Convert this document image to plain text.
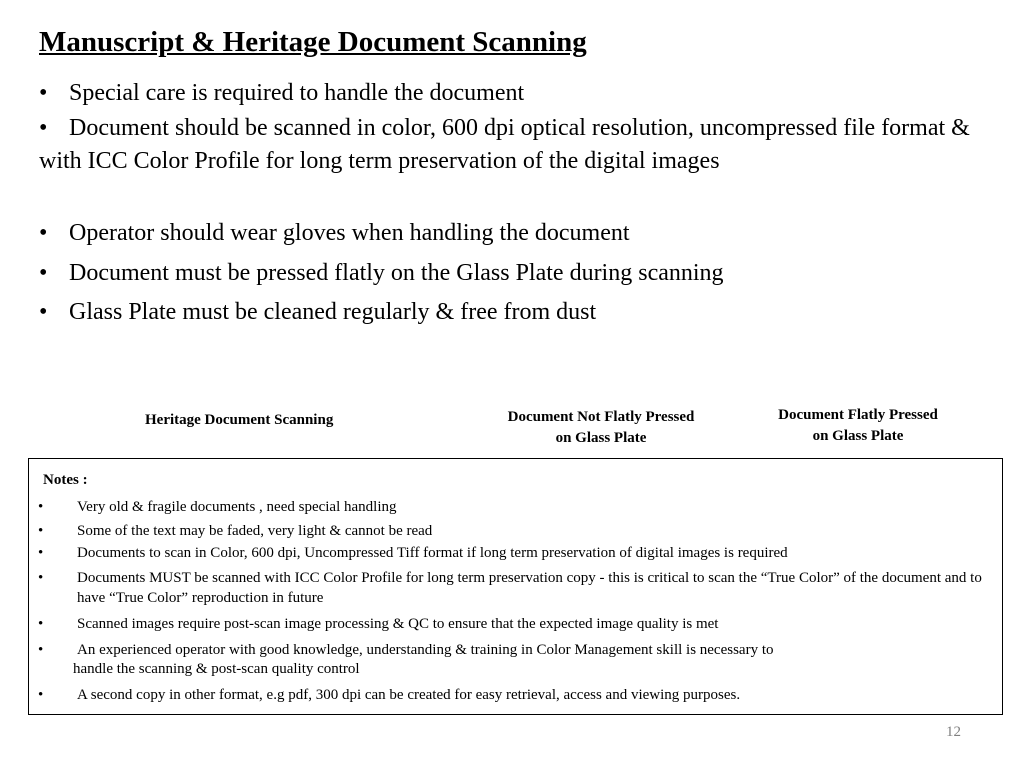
Manuscript & Heritage Document Scanning
• Special care is required to handle the document
• Document should be scanned in color, 600 dpi optical resolution, uncompressed file format & with ICC Color Profile for long term preservation of the digital images
• Operator should wear gloves when handling the document
• Document must be pressed flatly on the Glass Plate during scanning
• Glass Plate must be cleaned regularly & free from dust
Heritage Document Scanning	Document Not Flatly Pressed
on Glass Plate
Document Flatly Pressed
on Glass Plate
Notes :
•	Very old & fragile documents , need special handling
•	Some of the text may be faded, very light & cannot be read
•	Documents to scan in Color, 600 dpi, Uncompressed Tiff format if long term preservation of digital images is required
•	Documents MUST be scanned with ICC Color Profile for long term preservation copy - this is critical to scan the “True Color” of the document and to have “True Color” reproduction in future
•	Scanned images require post-scan image processing & QC to ensure that the expected image quality is met
•	An experienced operator with good knowledge, understanding & training in Color Management skill is necessary to
handle the scanning & post-scan quality control
•	A second copy in other format, e.g pdf, 300 dpi can be created for easy retrieval, access and viewing purposes.
12
